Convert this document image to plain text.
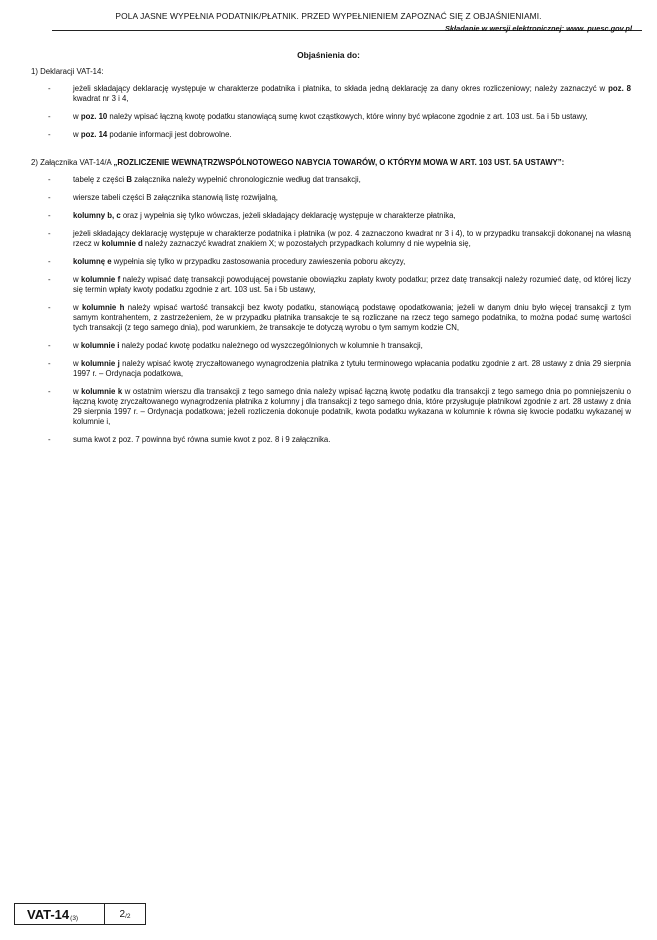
POLA JASNE WYPEŁNIA PODATNIK/PŁATNIK. PRZED WYPEŁNIENIEM ZAPOZNAĆ SIĘ Z OBJAŚNIENIAMI.
Składanie w wersji elektronicznej: www. puesc.gov.pl
Objaśnienia do:
1) Deklaracji VAT-14:
-	jeżeli składający deklarację występuje w charakterze podatnika i płatnika, to składa jedną deklarację za dany okres rozliczeniowy; należy zaznaczyć w poz. 8 kwadrat nr 3 i 4,
-	w poz. 10 należy wpisać łączną kwotę podatku stanowiącą sumę kwot cząstkowych, które winny być wpłacone zgodnie z art. 103 ust. 5a i 5b ustawy,
-	w poz. 14 podanie informacji jest dobrowolne.
2) Załącznika VAT-14/A „ROZLICZENIE WEWNĄTRZWSPÓLNOTOWEGO NABYCIA TOWARÓW, O KTÓRYM MOWA W ART. 103 UST. 5A USTAWY”:
-	tabelę z części B załącznika należy wypełnić chronologicznie według dat transakcji,
-	wiersze tabeli części B załącznika stanowią listę rozwijalną,
-	kolumny b, c oraz j wypełnia się tylko wówczas, jeżeli składający deklarację występuje w charakterze płatnika,
-	jeżeli składający deklarację występuje w charakterze podatnika i płatnika (w poz. 4 zaznaczono kwadrat nr 3 i 4), to w przypadku transakcji dokonanej na własną rzecz w kolumnie d należy zaznaczyć kwadrat znakiem X; w pozostałych przypadkach kolumny d nie wypełnia się,
-	kolumnę e wypełnia się tylko w przypadku zastosowania procedury zawieszenia poboru akcyzy,
-	w kolumnie f należy wpisać datę transakcji powodującej powstanie obowiązku zapłaty kwoty podatku; przez datę transakcji należy rozumieć datę, od której liczy się termin wpłaty kwoty podatku zgodnie z art. 103 ust. 5a i 5b ustawy,
-	w kolumnie h należy wpisać wartość transakcji bez kwoty podatku, stanowiącą podstawę opodatkowania; jeżeli w danym dniu było więcej transakcji z tym samym kontrahentem, z zastrzeżeniem, że w przypadku płatnika transakcje te są rozliczane na rzecz tego samego podatnika, to można podać sumę wartości tych transakcji (z tego samego dnia), pod warunkiem, że transakcje te dotyczą wyrobu o tym samym kodzie CN,
-	w kolumnie i należy podać kwotę podatku należnego od wyszczególnionych w kolumnie h transakcji,
-	w kolumnie j należy wpisać kwotę zryczałtowanego wynagrodzenia płatnika z tytułu terminowego wpłacania podatku zgodnie z art. 28 ustawy z dnia 29 sierpnia 1997 r. – Ordynacja podatkowa,
-	w kolumnie k w ostatnim wierszu dla transakcji z tego samego dnia należy wpisać łączną kwotę podatku dla transakcji z tego samego dnia po pomniejszeniu o łączną kwotę zryczałtowanego wynagrodzenia płatnika z kolumny j dla transakcji z tego samego dnia, które przysługuje płatnikowi zgodnie z art. 28 ustawy z dnia 29 sierpnia 1997 r. – Ordynacja podatkowa; jeżeli rozliczenia dokonuje podatnik, kwota podatku wykazana w kolumnie k równa się kwocie podatku wykazanej w kolumnie i,
-	suma kwot z poz. 7 powinna być równa sumie kwot z poz. 8 i 9 załącznika.
VAT-14 (3)	2 /2
